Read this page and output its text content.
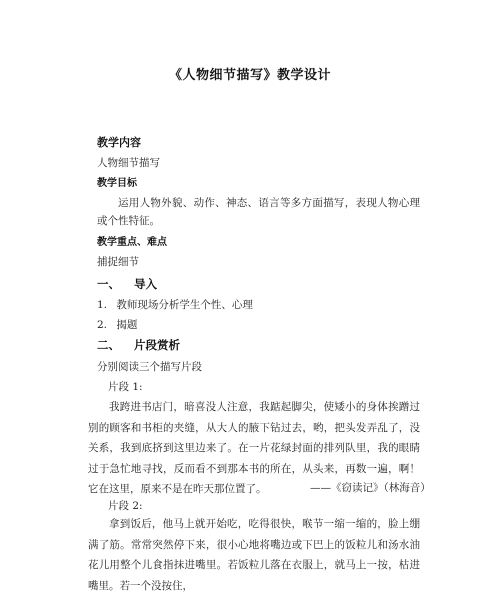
《人物细节描写》教学设计
教学内容
人物细节描写
教学目标
运用人物外貌、动作、神态、语言等多方面描写，表现人物心理或个性特征。
教学重点、难点
捕捉细节
一、 导入
1. 教师现场分析学生个性、心理
2. 揭题
二、 片段赏析
分别阅读三个描写片段
片段 1:
我跨进书店门，暗喜没人注意，我踮起脚尖，使矮小的身体挨蹭过别的顾客和书柜的夹缝，从大人的腋下钻过去，哟，把头发弄乱了，没关系，我到底挤到这里边来了。在一片花绿封面的排列队里，我的眼睛过于急忙地寻找，反而看不到那本书的所在，从头来，再数一遍，啊！它在这里，原来不是在昨天那位置了。	——《窃读记》（林海音）
片段 2:
拿到饭后，他马上就开始吃，吃得很快，喉节一缩一缩的，脸上绷满了筋。常常突然停下来，很小心地将嘴边或下巴上的饭粒儿和汤水油花儿用整个儿食指抹进嘴里。若饭粒儿落在衣服上，就马上一按，枯进嘴里。若一个没按住，
